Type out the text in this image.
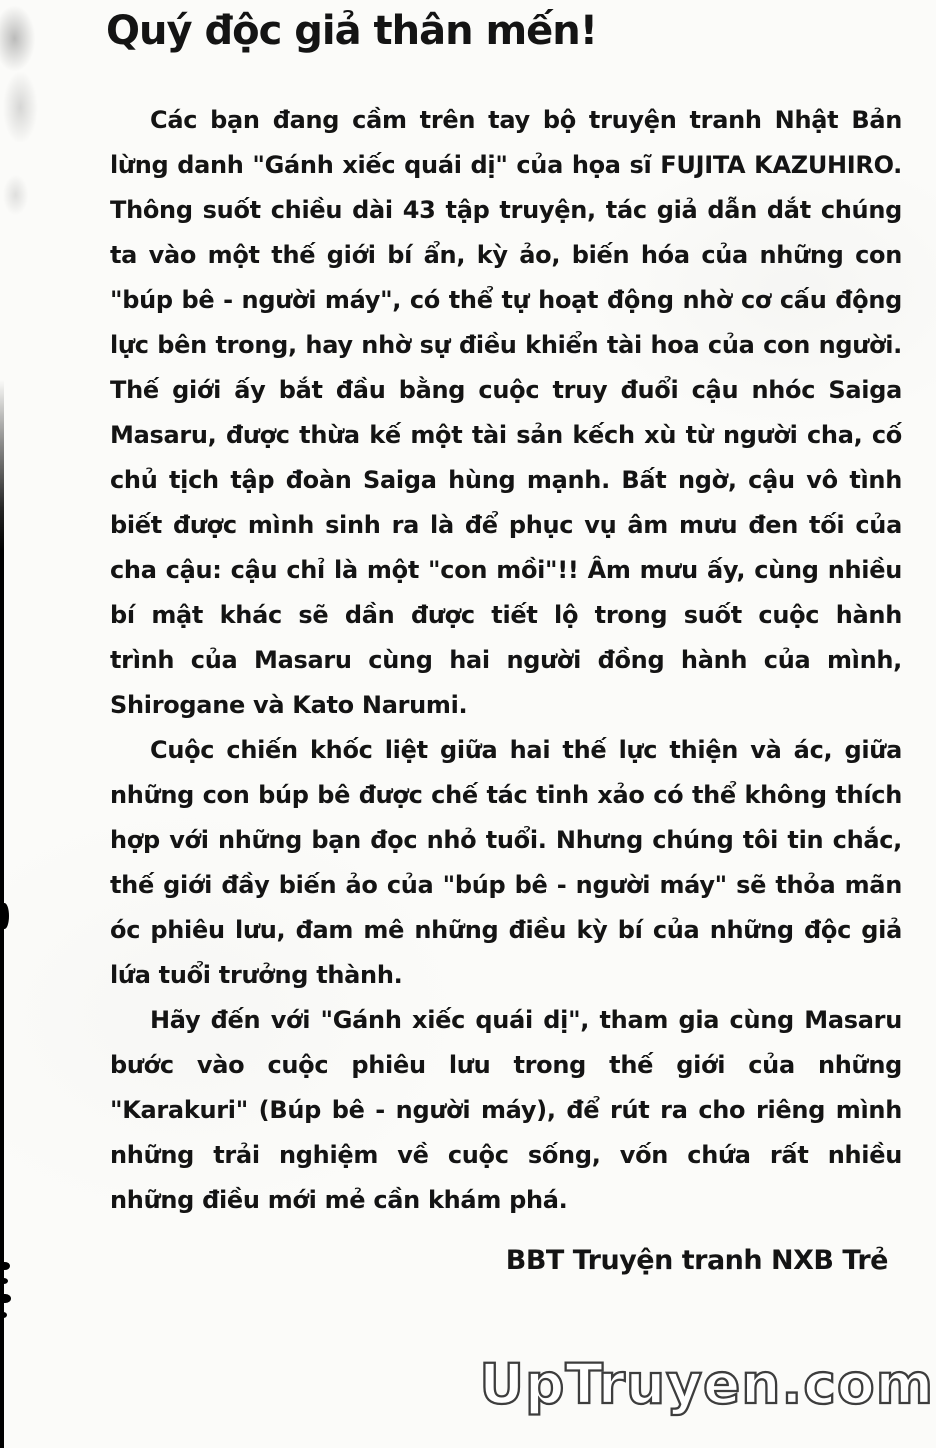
Quý độc giả thân mến!
Các bạn đang cầm trên tay bộ truyện tranh Nhật Bản
lừng danh "Gánh xiếc quái dị" của họa sĩ FUJITA KAZUHIRO.
Thông suốt chiều dài 43 tập truyện, tác giả dẫn dắt chúng
ta vào một thế giới bí ẩn, kỳ ảo, biến hóa của những con
"búp bê - người máy", có thể tự hoạt động nhờ cơ cấu động
lực bên trong, hay nhờ sự điều khiển tài hoa của con người.
Thế giới ấy bắt đầu bằng cuộc truy đuổi cậu nhóc Saiga
Masaru, được thừa kế một tài sản kếch xù từ người cha, cố
chủ tịch tập đoàn Saiga hùng mạnh. Bất ngờ, cậu vô tình
biết được mình sinh ra là để phục vụ âm mưu đen tối của
cha cậu: cậu chỉ là một "con mồi"!! Âm mưu ấy, cùng nhiều
bí mật khác sẽ dần được tiết lộ trong suốt cuộc hành
trình của Masaru cùng hai người đồng hành của mình,
Shirogane và Kato Narumi.
Cuộc chiến khốc liệt giữa hai thế lực thiện và ác, giữa
những con búp bê được chế tác tinh xảo có thể không thích
hợp với những bạn đọc nhỏ tuổi. Nhưng chúng tôi tin chắc,
thế giới đầy biến ảo của "búp bê - người máy" sẽ thỏa mãn
óc phiêu lưu, đam mê những điều kỳ bí của những độc giả
lứa tuổi trưởng thành.
Hãy đến với "Gánh xiếc quái dị", tham gia cùng Masaru
bước vào cuộc phiêu lưu trong thế giới của những
"Karakuri" (Búp bê - người máy), để rút ra cho riêng mình
những trải nghiệm về cuộc sống, vốn chứa rất nhiều
những điều mới mẻ cần khám phá.
BBT Truyện tranh NXB Trẻ
UpTruyen.com
